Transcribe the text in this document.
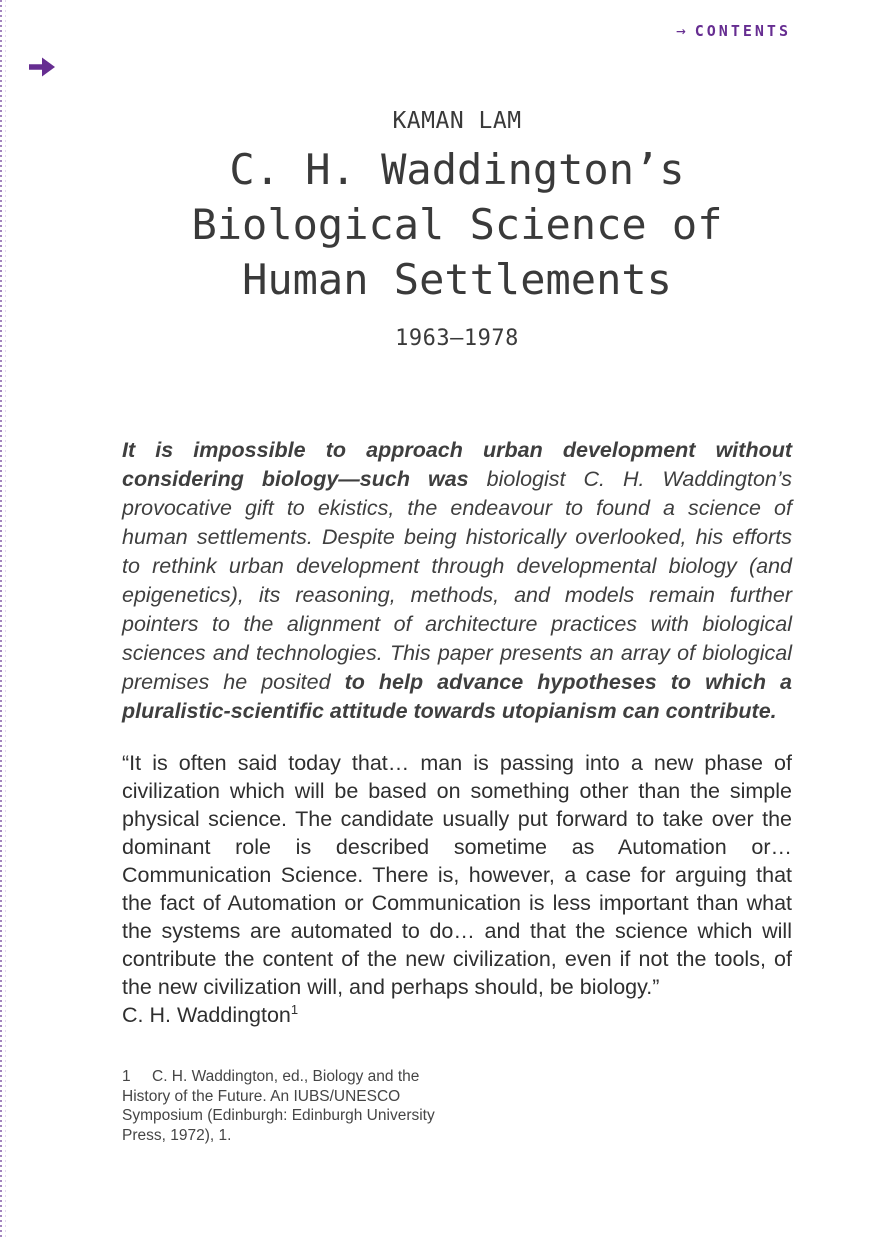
→ CONTENTS
KAMAN LAM
C. H. Waddington’s
Biological Science of
Human Settlements
1963–1978

It is impossible to approach urban development without considering biology—such was biologist C. H. Waddington’s provocative gift to ekistics, the endeavour to found a science of human settlements. Despite being historically overlooked, his efforts to rethink urban development through developmental biology (and epigenetics), its reasoning, methods, and models remain further pointers to the alignment of architecture practices with biological sciences and technologies. This paper presents an array of biological premises he posited to help advance hypotheses to which a pluralistic-scientific attitude towards utopianism can contribute.

“It is often said today that… man is passing into a new phase of civilization which will be based on something other than the simple physical science. The candidate usually put forward to take over the dominant role is described sometime as Automation or… Communication Science. There is, however, a case for arguing that the fact of Automation or Communication is less important than what the systems are automated to do… and that the science which will contribute the content of the new civilization, even if not the tools, of the new civilization will, and perhaps should, be biology.”

C. H. Waddington$^1$

1 C. H. Waddington, ed., Biology and the History of the Future. An IUBS/UNESCO Symposium (Edinburgh: Edinburgh University Press, 1972), 1.
